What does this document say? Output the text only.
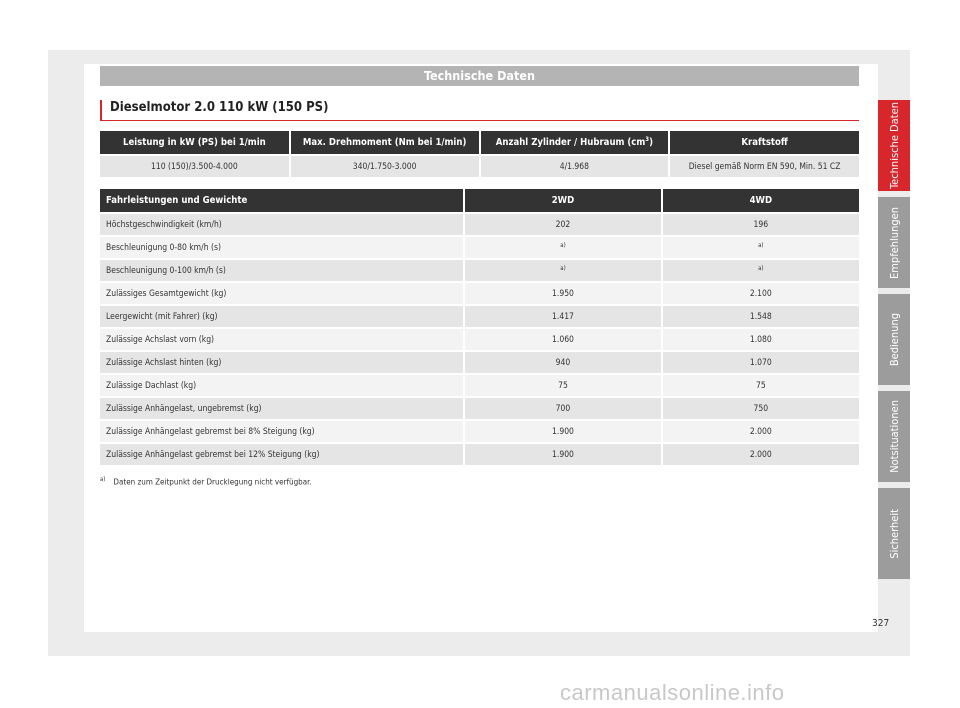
Technische Daten
Dieselmotor 2.0 110 kW (150 PS)
Leistung in kW (PS) bei 1/min	Max. Drehmoment (Nm bei 1/min)	Anzahl Zylinder / Hubraum $(cm^3)$	Kraftstoff
110 (150)/3.500-4.000	340/1.750-3.000	4/1.968	Diesel gemäß Norm EN 590, Min. 51 CZ
Fahrleistungen und Gewichte	2WD	4WD
Höchstgeschwindigkeit (km/h)	202	196
Beschleunigung 0-80 km/h (s)	$^{a)}$	$^{a)}$
Beschleunigung 0-100 km/h (s)	$^{a)}$	$^{a)}$
Zulässiges Gesamtgewicht (kg)	1.950	2.100
Leergewicht (mit Fahrer) (kg)	1.417	1.548
Zulässige Achslast vorn (kg)	1.060	1.080
Zulässige Achslast hinten (kg)	940	1.070
Zulässige Dachlast (kg)	75	75
Zulässige Anhängelast, ungebremst (kg)	700	750
Zulässige Anhängelast gebremst bei 8% Steigung (kg)	1.900	2.000
Zulässige Anhängelast gebremst bei 12% Steigung (kg)	1.900	2.000
$^{a)}$ Daten zum Zeitpunkt der Drucklegung nicht verfügbar.
Technische Daten
Empfehlungen
Bedienung
Notsituationen
Sicherheit
327
carmanualsonline.info
